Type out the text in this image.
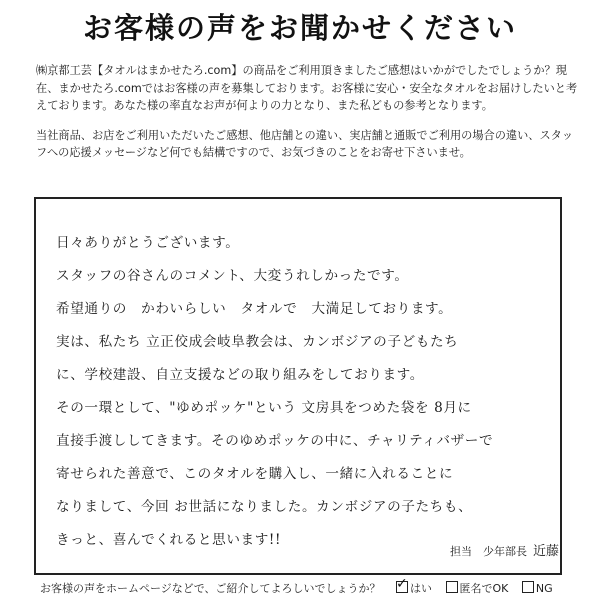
お客様の声をお聞かせください

㈱京都工芸【タオルはまかせたろ.com】の商品をご利用頂きましたご感想はいかがでしたでしょうか？現在、まかせたろ.comではお客様の声を募集しております。お客様に安心・安全なタオルをお届けしたいと考えております。あなた様の率直なお声が何よりの力となり、また私どもの参考となります。

当社商品、お店をご利用いただいたご感想、他店舗との違い、実店舗と通販でご利用の場合の違い、スタッフへの応援メッセージなど何でも結構ですので、お気づきのことをお寄せ下さいませ。

日々ありがとうございます。
スタッフの谷さんのコメント、大変うれしかったです。
希望通りの　かわいらしい　タオルで　大満足しております。
実は、私たち 立正佼成会岐阜教会は、カンボジアの子どもたち
に、学校建設、自立支援などの取り組みをしております。
その一環として、"ゆめポッケ"という 文房具をつめた袋を 8月に
直接手渡ししてきます。そのゆめポッケの中に、チャリティバザーで
寄せられた善意で、このタオルを購入し、一緒に入れることに
なりまして、今回 お世話になりました。カンボジアの子たちも、
きっと、喜んでくれると思います!!
担当　少年部長 近藤
お客様の声をホームページなどで、ご紹介してよろしいでしょうか？
✓	はい	匿名でOK	NG
